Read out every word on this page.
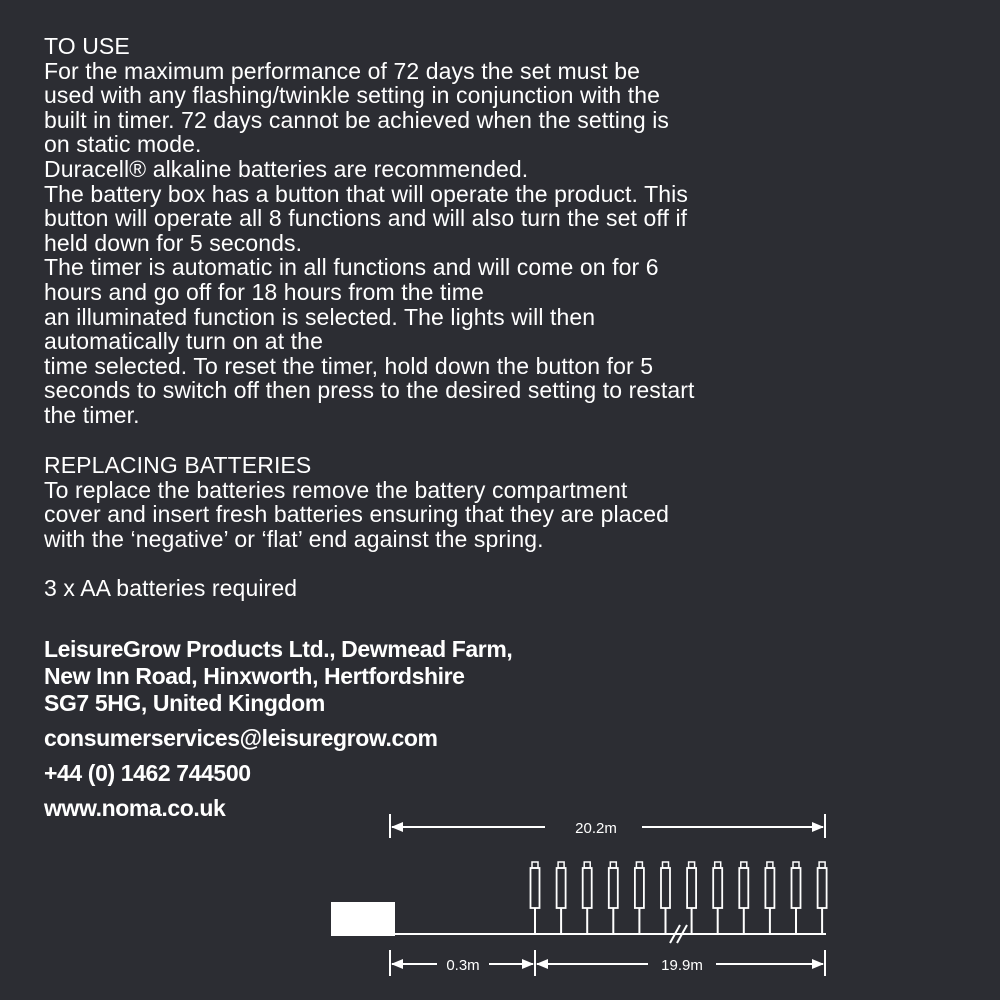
TO USE

For the maximum performance of 72 days the set must be
used with any flashing/twinkle setting in conjunction with the
built in timer. 72 days cannot be achieved when the setting is
on static mode.
Duracell® alkaline batteries are recommended.
The battery box has a button that will operate the product. This
button will operate all 8 functions and will also turn the set off if
held down for 5 seconds.
The timer is automatic in all functions and will come on for 6
hours and go off for 18 hours from the time
an illuminated function is selected. The lights will then
automatically turn on at the
time selected. To reset the timer, hold down the button for 5
seconds to switch off then press to the desired setting to restart
the timer.

REPLACING BATTERIES

To replace the batteries remove the battery compartment
cover and insert fresh batteries ensuring that they are placed
with the ‘negative’ or ‘flat’ end against the spring.

3 x AA batteries required

LeisureGrow Products Ltd., Dewmead Farm,

New Inn Road, Hinxworth, Hertfordshire

SG7 5HG, United Kingdom

consumerservices@leisuregrow.com

+44 (0) 1462 744500

www.noma.co.uk

20.2m
0.3m	19.9m
